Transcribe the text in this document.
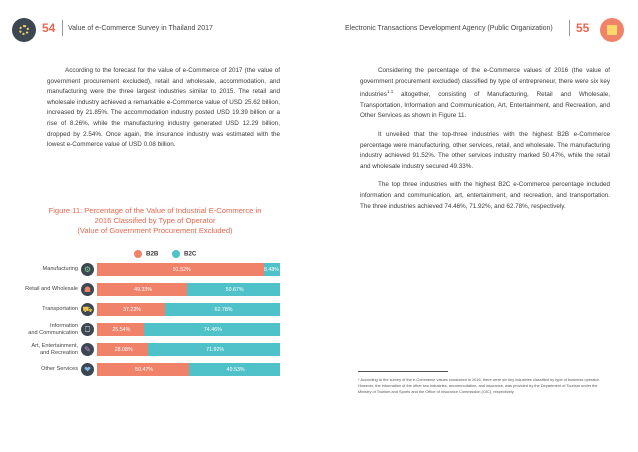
54 Value of e-Commerce Survey in Thailand 2017	Electronic Transactions Development Agency (Public Organization) 55

According to the forecast for the value of e-Commerce of 2017 (the value of government procurement excluded), retail and wholesale, accommodation, and manufacturing were the three largest industries similar to 2015. The retail and wholesale industry achieved a remarkable e-Commerce value of USD 25.62 billion, increased by 21.85%. The accommodation industry posted USD 19.39 billion or a rise of 8.26%, while the manufacturing industry generated USD 12.29 billion, dropped by 2.54%. Once again, the insurance industry was estimated with the lowest e-Commerce value of USD 0.08 billion.

Figure 11: Percentage of the Value of Industrial E-Commerce in
2016 Classified by Type of Operator
(Value of Government Procurement Excluded)
B2B	B2C
Manufacturing ⚙	91.52%	8.48%
Retail and Wholesale ☗	49.33%	50.67%
Transportation ⛟	37.22%	62.78%
Information
and Communication ⎕	25.54%	74.46%
Art, Entertainment,
and Recreation ✎	28.08%	71.92%
Other Services ❤	50.47%	49.53%

Considering the percentage of the e-Commerce values of 2016 (the value of government procurement excluded) classified by type of entrepreneur, there were six key industries$^{1.1}$ altogether, consisting of Manufacturing, Retail and Wholesale, Transportation, Information and Communication, Art, Entertainment, and Recreation, and Other Services as shown in Figure 11.

It unveiled that the top-three industries with the highest B2B e-Commerce percentage were manufacturing, other services, retail, and wholesale. The manufacturing industry achieved 91.52%. The other services industry marked 50.47%, while the retail and wholesale industry secured 49.33%.

The top three industries with the highest B2C e-Commerce percentage included information and communication, art, entertainment, and recreation, and transportation. The three industries achieved 74.46%, 71.92%, and 62.78%, respectively.

* According to the survey of the e-Commerce values conducted in 2016, there were six key industries classified by type of business operator. However, the information of the other two industries, accommodation, and insurance, was provided by the Department of Tourism under the Ministry of Tourism and Sports and the Office of Insurance Commission (OIC), respectively.
